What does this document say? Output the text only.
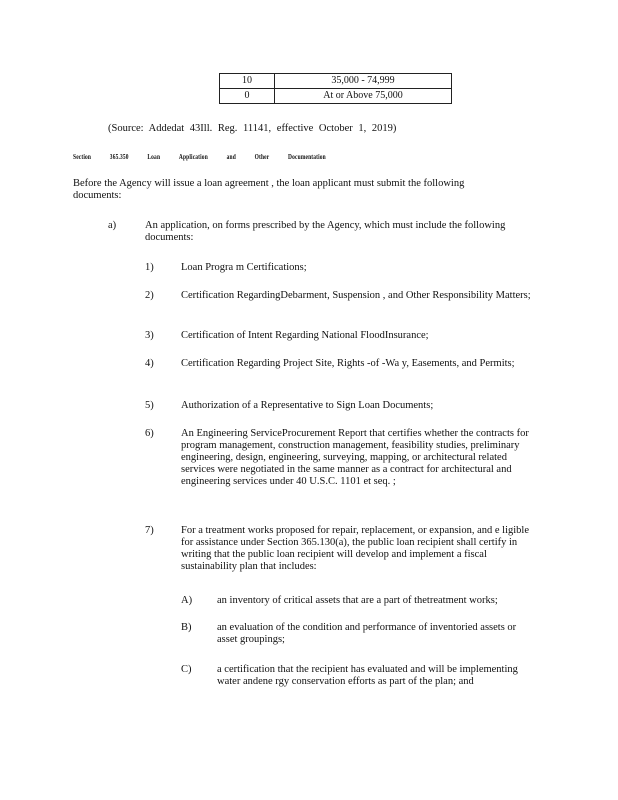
10	35,000 - 74,999
0	At or Above 75,000
(Source: Addedat 43Ill. Reg. 11141, effective October 1, 2019)
Section	365.350	Loan	Application	and	Other	Documentation
Before the Agency will issue a loan agreement , the loan applicant must submit the following documents:
a)	An application, on forms prescribed by the Agency, which must include the following documents:
1)	Loan Progra m Certifications;
2)	Certification RegardingDebarment, Suspension , and Other Responsibility Matters;
3)	Certification of Intent Regarding National FloodInsurance;
4)	Certification Regarding Project Site, Rights -of -Wa y, Easements, and Permits;
5)	Authorization of a Representative to Sign Loan Documents;
6)	An Engineering ServiceProcurement Report that certifies whether the contracts for program management, construction management, feasibility studies, preliminary engineering, design, engineering, surveying, mapping, or architectural related services were negotiated in the same manner as a contract for architectural and engineering services under 40 U.S.C. 1101 et seq. ;
7)	For a treatment works proposed for repair, replacement, or expansion, and e ligible for assistance under Section 365.130(a), the public loan recipient shall certify in writing that the public loan recipient will develop and implement a fiscal sustainability plan that includes:
A) an inventory of critical assets that are a part of thetreatment works;
B) an evaluation of the condition and performance of inventoried assets or asset groupings;
C) a certification that the recipient has evaluated and will be implementing water andene rgy conservation efforts as part of the plan; and
